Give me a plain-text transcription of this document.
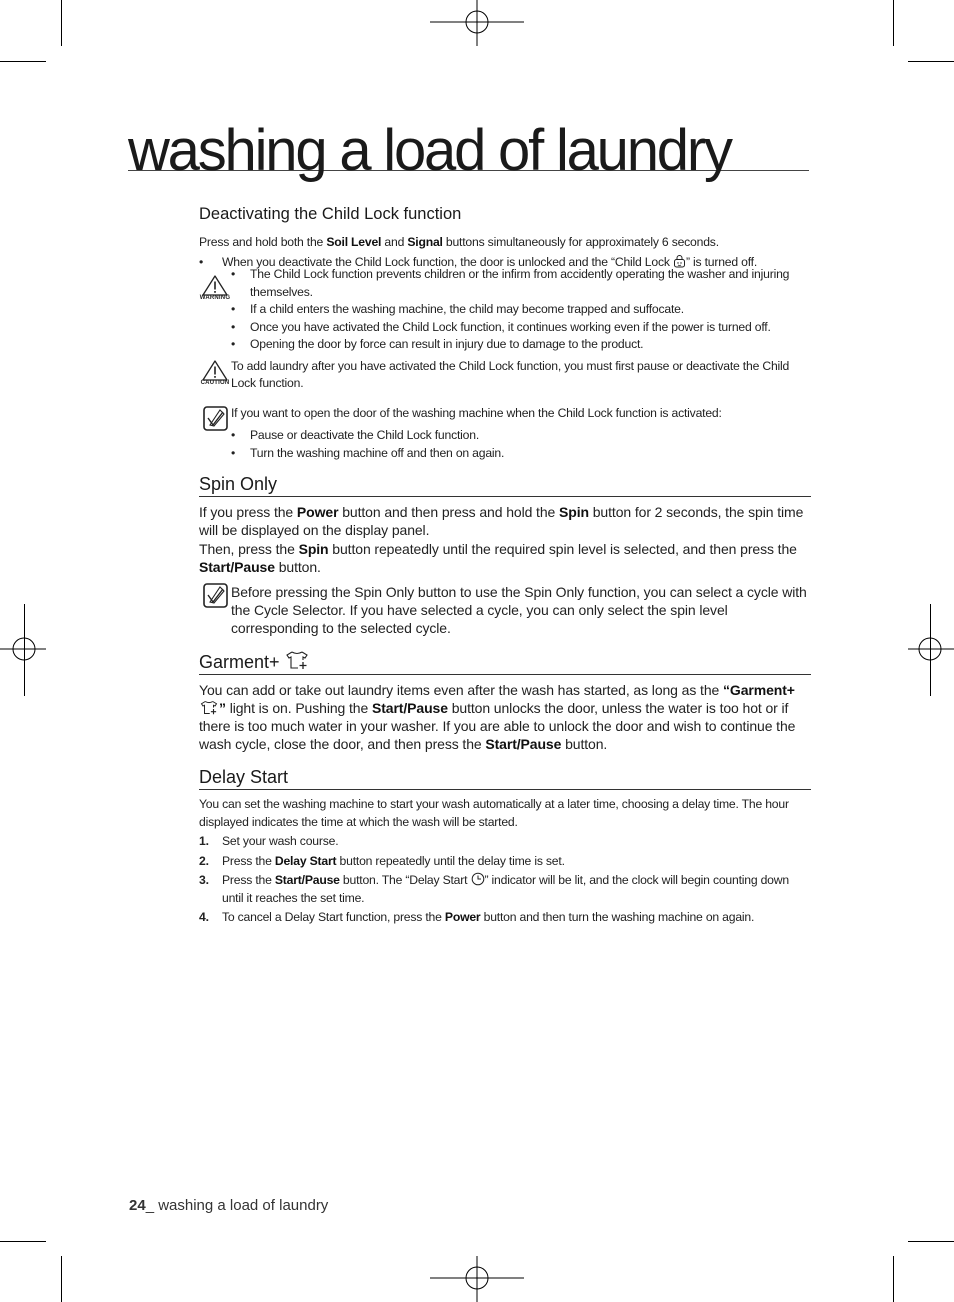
washing a load of laundry
Deactivating the Child Lock function

Press and hold both the Soil Level and Signal buttons simultaneously for approximately 6 seconds.

•	When you deactivate the Child Lock function, the door is unlocked and the “Child Lock ” is turned off.
WARNING
•	The Child Lock function prevents children or the infirm from accidently operating the washer and injuring themselves.
•	If a child enters the washing machine, the child may become trapped and suffocate.
•	Once you have activated the Child Lock function, it continues working even if the power is turned off.
•	Opening the door by force can result in injury due to damage to the product.
CAUTION

To add laundry after you have activated the Child Lock function, you must first pause or deactivate the Child Lock function.

If you want to open the door of the washing machine when the Child Lock function is activated:

•	Pause or deactivate the Child Lock function.
•	Turn the washing machine off and then on again.
Spin Only

If you press the Power button and then press and hold the Spin button for 2 seconds, the spin time will be displayed on the display panel.

Then, press the Spin button repeatedly until the required spin level is selected, and then press the Start/Pause button.

Before pressing the Spin Only button to use the Spin Only function, you can select a cycle with the Cycle Selector. If you have selected a cycle, you can only select the spin level corresponding to the selected cycle.

Garment+

You can add or take out laundry items even after the wash has started, as long as the “Garment+” light is on. Pushing the Start/Pause button unlocks the door, unless the water is too hot or if there is too much water in your washer. If you are able to unlock the door and wish to continue the wash cycle, close the door, and then press the Start/Pause button.

Delay Start

You can set the washing machine to start your wash automatically at a later time, choosing a delay time. The hour displayed indicates the time at which the wash will be started.

1.	Set your wash course.
2.	Press the Delay Start button repeatedly until the delay time is set.
3.	Press the Start/Pause button. The “Delay Start ” indicator will be lit, and the clock will begin counting down until it reaches the set time.
4.	To cancel a Delay Start function, press the Power button and then turn the washing machine on again.
24_ washing a load of laundry
